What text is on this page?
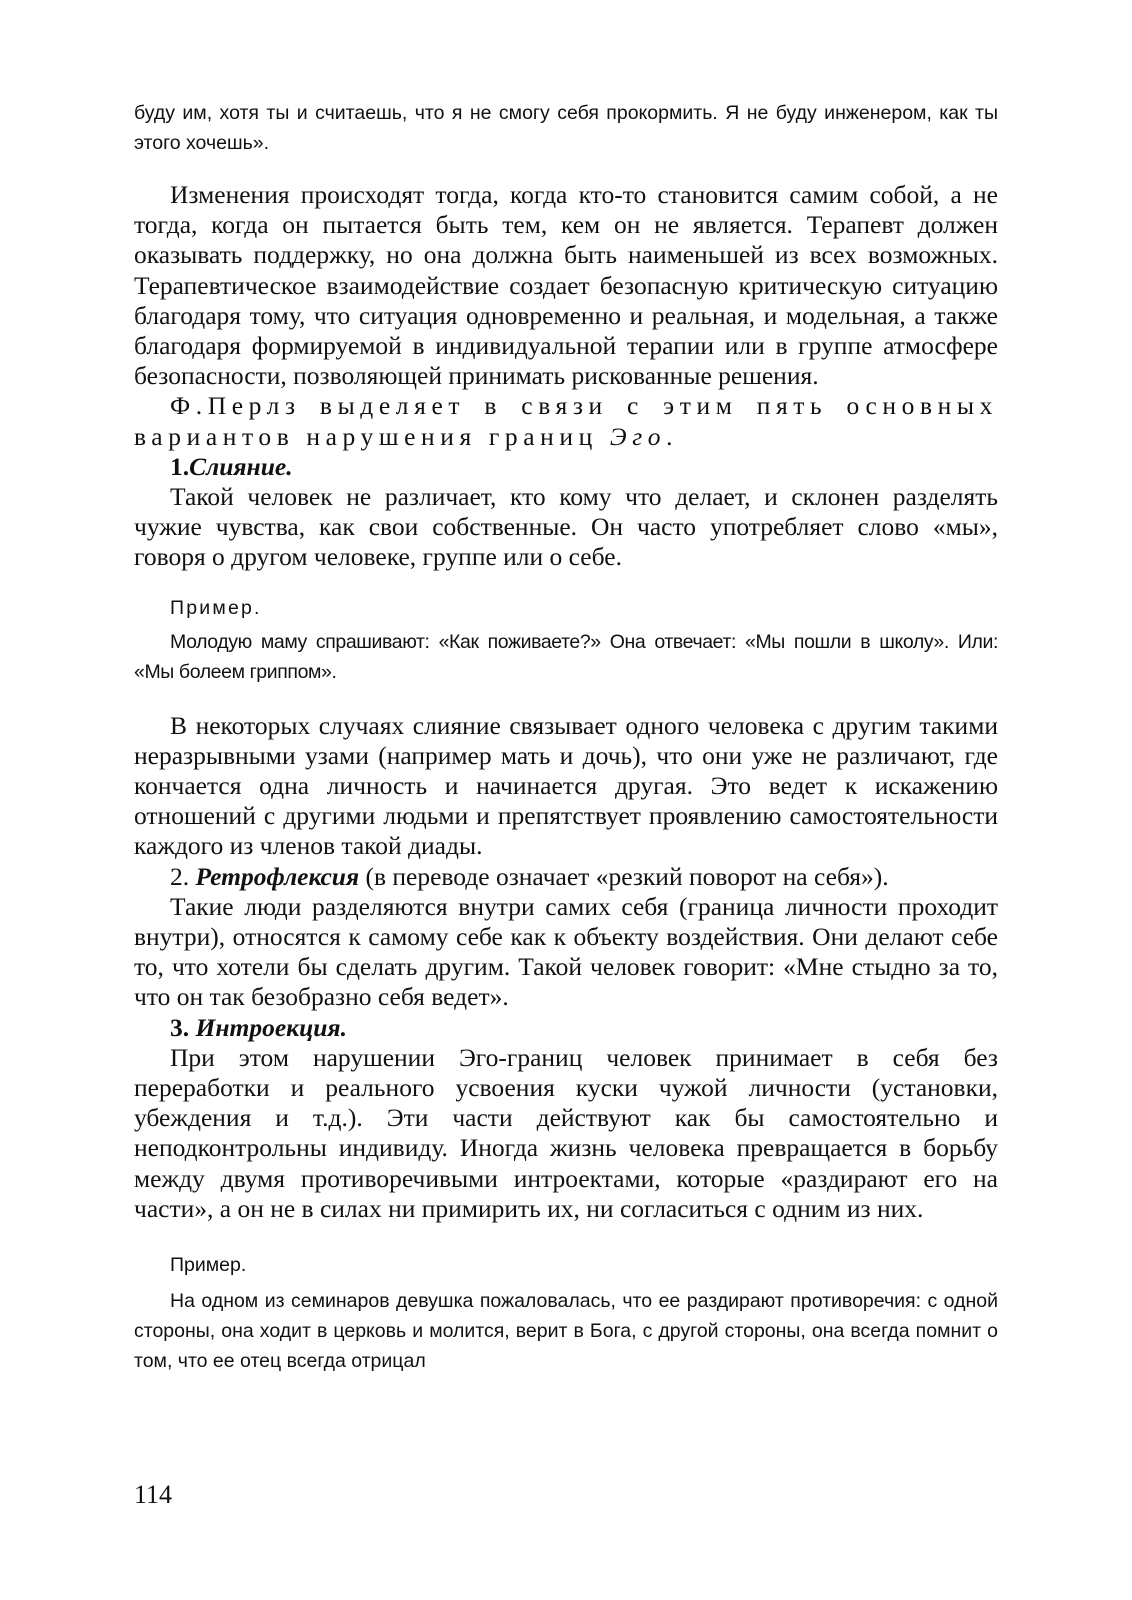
буду им, хотя ты и считаешь, что я не смогу себя прокормить. Я не буду инженером, как ты этого хочешь».

Изменения происходят тогда, когда кто-то становится самим собой, а не тогда, когда он пытается быть тем, кем он не является. Терапевт должен оказывать поддержку, но она должна быть наименьшей из всех возможных. Терапевтическое взаимодействие создает безопасную критическую ситуацию благодаря тому, что ситуация одновременно и реальная, и модельная, а также благодаря формируемой в индивидуальной терапии или в группе атмосфере безопасности, позволяющей принимать рискованные решения.

Ф.Перлз выделяет в связи с этим пять основных вариантов нарушения границ Эго.

1.Слияние.

Такой человек не различает, кто кому что делает, и склонен разделять чужие чувства, как свои собственные. Он часто употребляет слово «мы», говоря о другом человеке, группе или о себе.

Пример.

Молодую маму спрашивают: «Как поживаете?» Она отвечает: «Мы пошли в школу». Или: «Мы болеем гриппом».

В некоторых случаях слияние связывает одного человека с другим такими неразрывными узами (например мать и дочь), что они уже не различают, где кончается одна личность и начинается другая. Это ведет к искажению отношений с другими людьми и препятствует проявлению самостоятельности каждого из членов такой диады.

2. Ретрофлексия (в переводе означает «резкий поворот на себя»).

Такие люди разделяются внутри самих себя (граница личности проходит внутри), относятся к самому себе как к объекту воздействия. Они делают себе то, что хотели бы сделать другим. Такой человек говорит: «Мне стыдно за то, что он так безобразно себя ведет».

3. Интроекция.

При этом нарушении Эго-границ человек принимает в себя без переработки и реального усвоения куски чужой личности (установки, убеждения и т.д.). Эти части действуют как бы самостоятельно и неподконтрольны индивиду. Иногда жизнь человека превращается в борьбу между двумя противоречивыми интроектами, которые «раздирают его на части», а он не в силах ни примирить их, ни согласиться с одним из них.

Пример.

На одном из семинаров девушка пожаловалась, что ее раздирают противоречия: с одной стороны, она ходит в церковь и молится, верит в Бога, с другой стороны, она всегда помнит о том, что ее отец всегда отрицал

114
